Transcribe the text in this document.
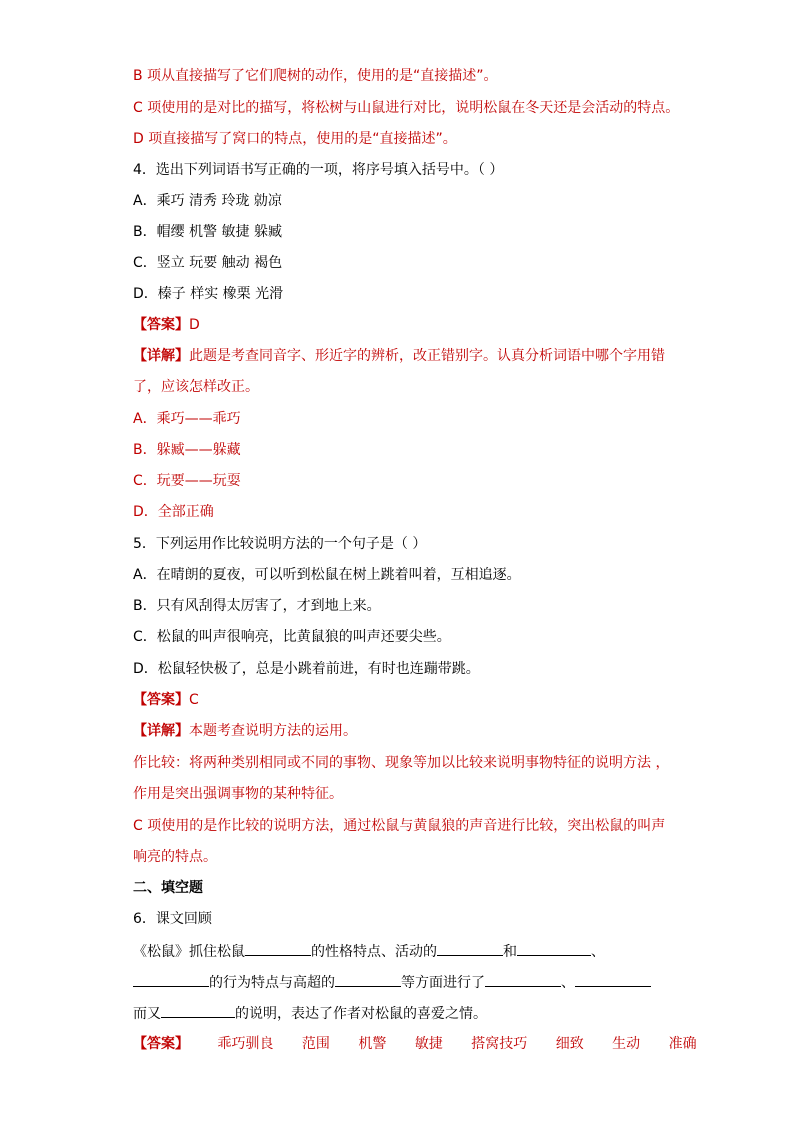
B 项从直接描写了它们爬树的动作，使用的是“直接描述”。
C 项使用的是对比的描写，将松树与山鼠进行对比，说明松鼠在冬天还是会活动的特点。
D 项直接描写了窝口的特点，使用的是“直接描述”。
4．选出下列词语书写正确的一项，将序号填入括号中。（ ）
A．乘巧 清秀 玲珑 勍凉
B．帽缨 机警 敏捷 躲臧
C．竖立 玩要 触动 褐色
D．榛子 样实 橡栗 光滑
【答案】D
【详解】此题是考查同音字、形近字的辨析，改正错别字。认真分析词语中哪个字用错
了，应该怎样改正。
A．乘巧——乖巧
B．躲臧——躲藏
C．玩要——玩耍
D．全部正确
5．下列运用作比较说明方法的一个句子是（ ）
A．在晴朗的夏夜，可以听到松鼠在树上跳着叫着，互相追逐。
B．只有风刮得太厉害了，才到地上来。
C．松鼠的叫声很响亮，比黄鼠狼的叫声还要尖些。
D．松鼠轻快极了，总是小跳着前进，有时也连蹦带跳。
【答案】C
【详解】本题考查说明方法的运用。
作比较：将两种类别相同或不同的事物、现象等加以比较来说明事物特征的说明方法 ，
作用是突出强调事物的某种特征。
C 项使用的是作比较的说明方法，通过松鼠与黄鼠狼的声音进行比较，突出松鼠的叫声
响亮的特点。
二、填空题
6．课文回顾
《松鼠》抓住松鼠	的性格特点、活动的	和	、
的行为特点与高超的	等方面进行了	、
而又	的说明，表达了作者对松鼠的喜爱之情。
【答案】 乖巧驯良 范围 机警 敏捷 搭窝技巧 细致 生动 准确
